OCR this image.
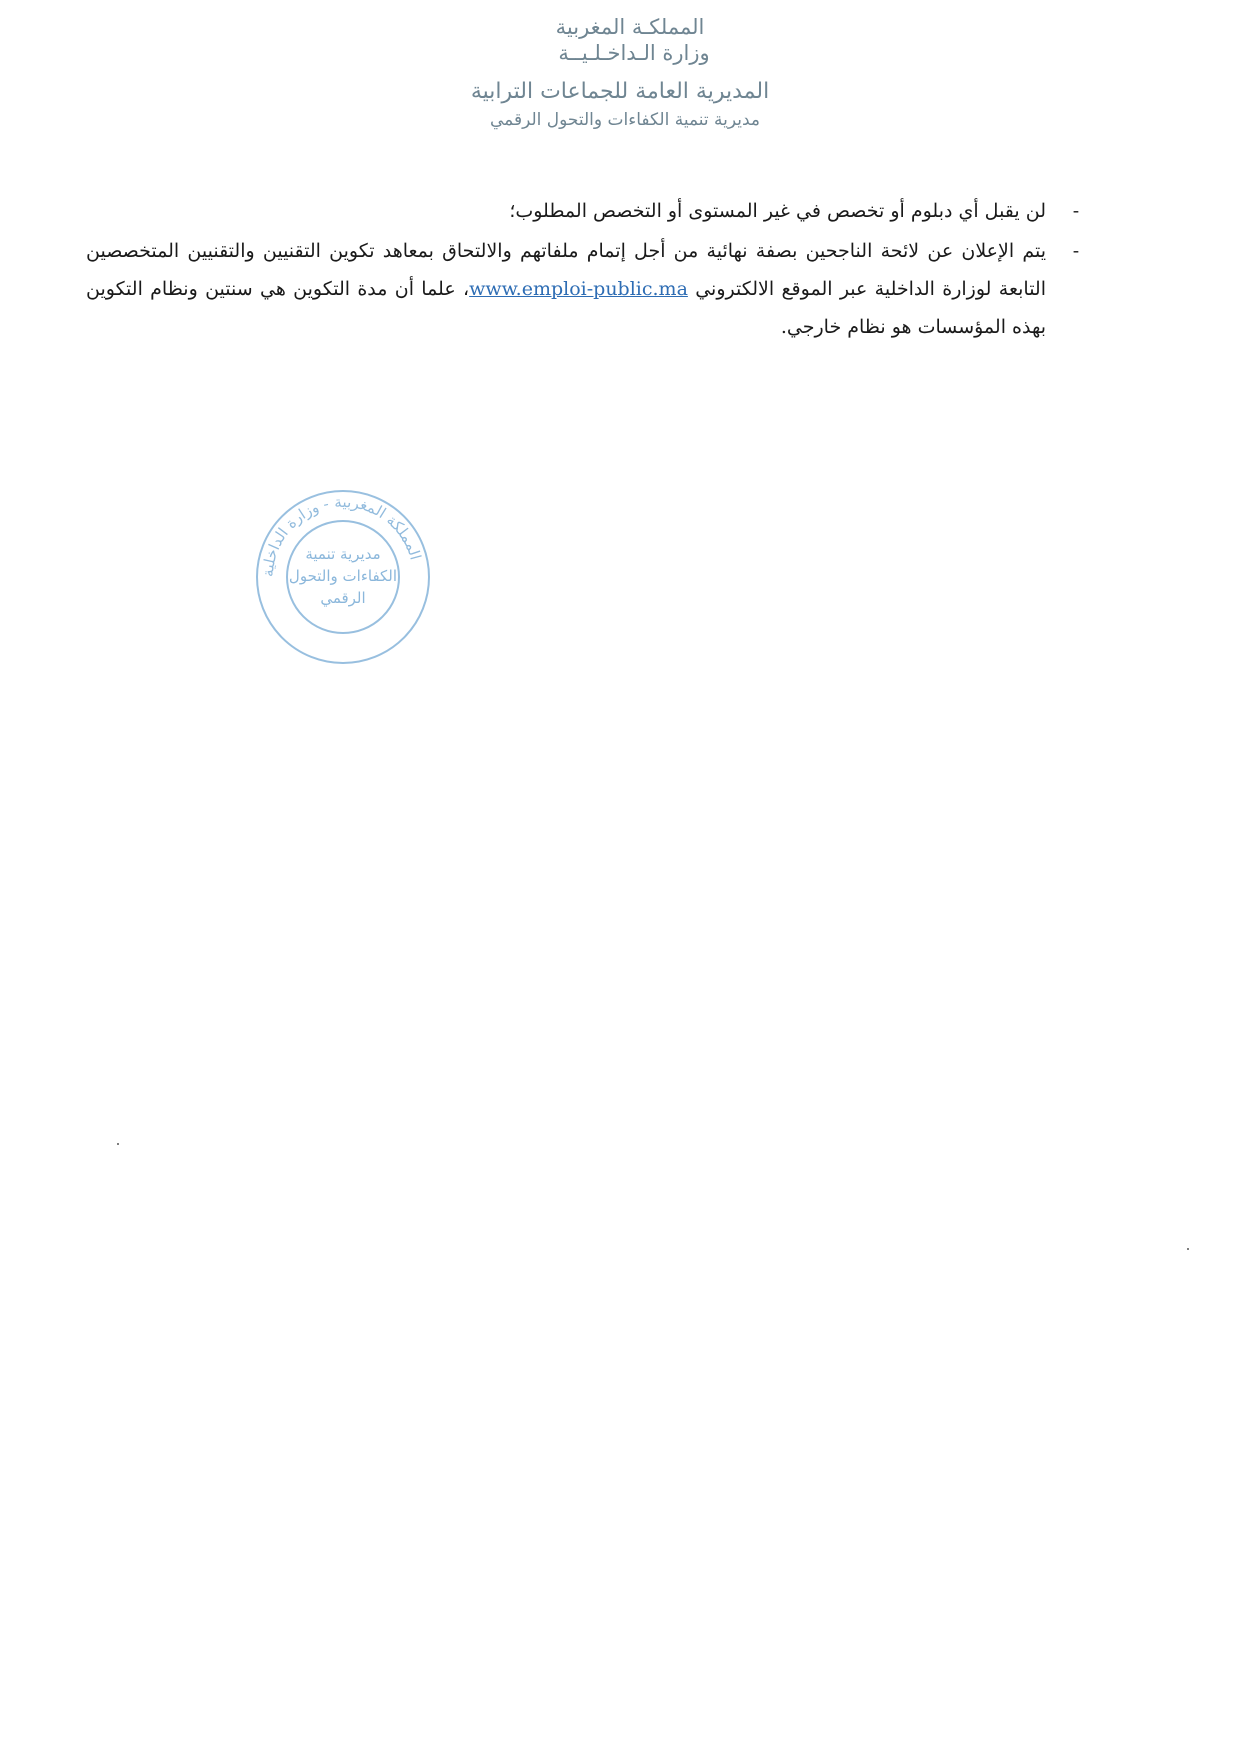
المملكـة المغربية
وزارة الـداخـلـيــة
المديرية العامة للجماعات الترابية
مديرية تنمية الكفاءات والتحول الرقمي
-
لن يقبل أي دبلوم أو تخصص في غير المستوى أو التخصص المطلوب؛
-
يتم الإعلان عن لائحة الناجحين بصفة نهائية من أجل إتمام ملفاتهم والالتحاق بمعاهد تكوين التقنيين والتقنيين المتخصصين التابعة لوزارة الداخلية عبر الموقع الالكتروني www.emploi-public.ma، علما أن مدة التكوين هي سنتين ونظام التكوين بهذه المؤسسات هو نظام خارجي.
المملكة المغربية - وزارة الداخلية
مديرية تنمية
الكفاءات والتحول
الرقمي
